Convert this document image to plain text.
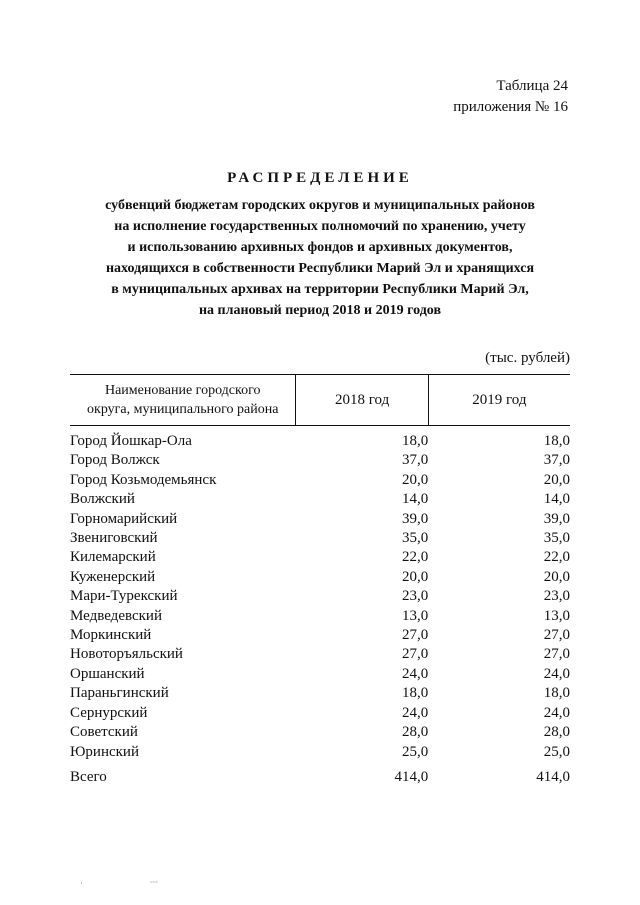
Таблица 24
приложения № 16
РАСПРЕДЕЛЕНИЕ
субвенций бюджетам городских округов и муниципальных районов
на исполнение государственных полномочий по хранению, учету
и использованию архивных фондов и архивных документов,
находящихся в собственности Республики Марий Эл и хранящихся
в муниципальных архивах на территории Республики Марий Эл,
на плановый период 2018 и 2019 годов
(тыс. рублей)
Наименование городского
округа, муниципального района	2018 год	2019 год

Город Йошкар-Ола	18,0	18,0
Город Волжск	37,0	37,0
Город Козьмодемьянск	20,0	20,0
Волжский	14,0	14,0
Горномарийский	39,0	39,0
Звениговский	35,0	35,0
Килемарский	22,0	22,0
Куженерский	20,0	20,0
Мари-Турекский	23,0	23,0
Медведевский	13,0	13,0
Моркинский	27,0	27,0
Новоторъяльский	27,0	27,0
Оршанский	24,0	24,0
Параньгинский	18,0	18,0
Сернурский	24,0	24,0
Советский	28,0	28,0
Юринский	25,0	25,0

Всего	414,0	414,0
·	˜˜˜
